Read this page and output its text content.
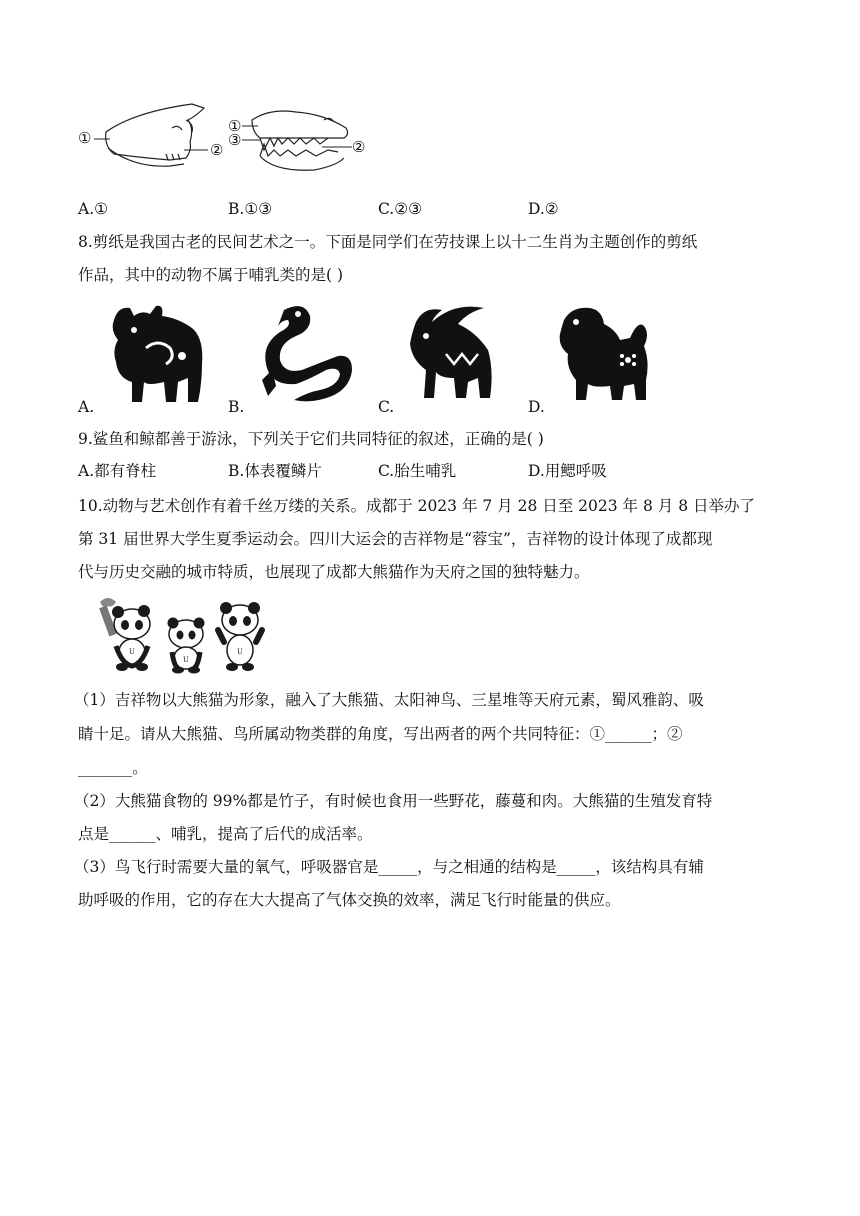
①
②
①
③	②
A.①	B.①③	C.②③	D.②
8.剪纸是我国古老的民间艺术之一。下面是同学们在劳技课上以十二生肖为主题创作的剪纸
作品，其中的动物不属于哺乳类的是( )
A.	B.	C.	D.
9.鲨鱼和鲸都善于游泳，下列关于它们共同特征的叙述，正确的是( )
A.都有脊柱	B.体表覆鳞片	C.胎生哺乳	D.用鳃呼吸
10.动物与艺术创作有着千丝万缕的关系。成都于 2023 年 7 月 28 日至 2023 年 8 月 8 日举办了
第 31 届世界大学生夏季运动会。四川大运会的吉祥物是“蓉宝”，吉祥物的设计体现了成都现
代与历史交融的城市特质，也展现了成都大熊猫作为天府之国的独特魅力。
U
U
U
（1）吉祥物以大熊猫为形象，融入了大熊猫、太阳神鸟、三星堆等天府元素，蜀风雅韵、吸
睛十足。请从大熊猫、鸟所属动物类群的角度，写出两者的两个共同特征：①______；②
_______。
（2）大熊猫食物的 99%都是竹子，有时候也食用一些野花，藤蔓和肉。大熊猫的生殖发育特
点是______、哺乳，提高了后代的成活率。
（3）鸟飞行时需要大量的氧气，呼吸器官是_____，与之相通的结构是_____，该结构具有辅
助呼吸的作用，它的存在大大提高了气体交换的效率，满足飞行时能量的供应。
